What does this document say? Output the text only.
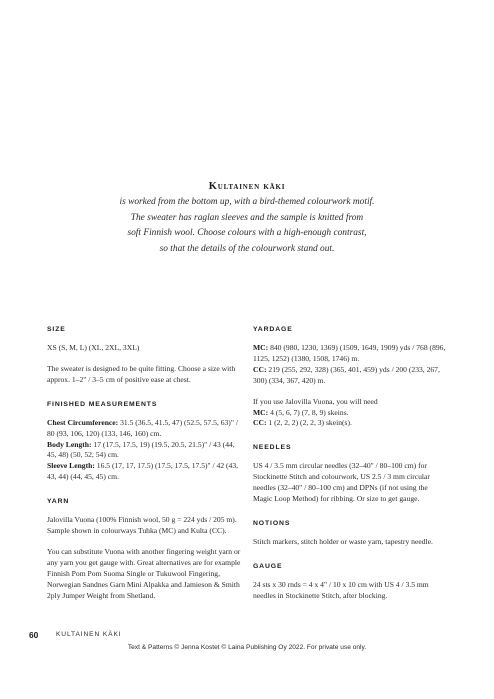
Kultainen käki
is worked from the bottom up, with a bird-themed colourwork motif.
The sweater has raglan sleeves and the sample is knitted from
soft Finnish wool. Choose colours with a high-enough contrast,
so that the details of the colourwork stand out.
SIZE

XS (S, M, L) (XL, 2XL, 3XL)

The sweater is designed to be quite fitting. Choose a size with approx. 1–2" / 3–5 cm of positive ease at chest.

FINISHED MEASUREMENTS

Chest Circumference: 31.5 (36.5, 41.5, 47) (52.5, 57.5, 63)" / 80 (93, 106, 120) (133, 146, 160) cm.
Body Length: 17 (17.5, 17.5, 19) (19.5, 20.5, 21.5)" / 43 (44, 45, 48) (50, 52, 54) cm.
Sleeve Length: 16.5 (17, 17, 17.5) (17.5, 17.5, 17.5)" / 42 (43, 43, 44) (44, 45, 45) cm.

YARN

Jalovilla Vuona (100% Finnish wool, 50 g = 224 yds / 205 m). Sample shown in colourways Tuhka (MC) and Kulta (CC).

You can substitute Vuona with another fingering weight yarn or any yarn you get gauge with. Great alternatives are for example Finnish Pom Pom Suoma Single or Tukuwool Fingering, Norwegian Sandnes Garn Mini Alpakka and Jamieson & Smith 2ply Jumper Weight from Shetland.

YARDAGE

MC: 840 (980, 1230, 1369) (1509, 1649, 1909) yds / 768 (896, 1125, 1252) (1380, 1508, 1746) m.
CC: 219 (255, 292, 328) (365, 401, 459) yds / 200 (233, 267, 300) (334, 367, 420) m.

If you use Jalovilla Vuona, you will need
MC: 4 (5, 6, 7) (7, 8, 9) skeins.
CC: 1 (2, 2, 2) (2, 2, 3) skein(s).

NEEDLES

US 4 / 3.5 mm circular needles (32–40" / 80–100 cm) for Stockinette Stitch and colourwork, US 2.5 / 3 mm circular needles (32–40" / 80–100 cm) and DPNs (if not using the Magic Loop Method) for ribbing. Or size to get gauge.

NOTIONS

Stitch markers, stitch holder or waste yarn, tapestry needle.

GAUGE

24 sts x 30 rnds = 4 x 4" / 10 x 10 cm with US 4 / 3.5 mm needles in Stockinette Stitch, after blocking.

60	KULTAINEN KÄKI
Text & Patterns © Jenna Kostet © Laina Publishing Oy 2022. For private use only.
